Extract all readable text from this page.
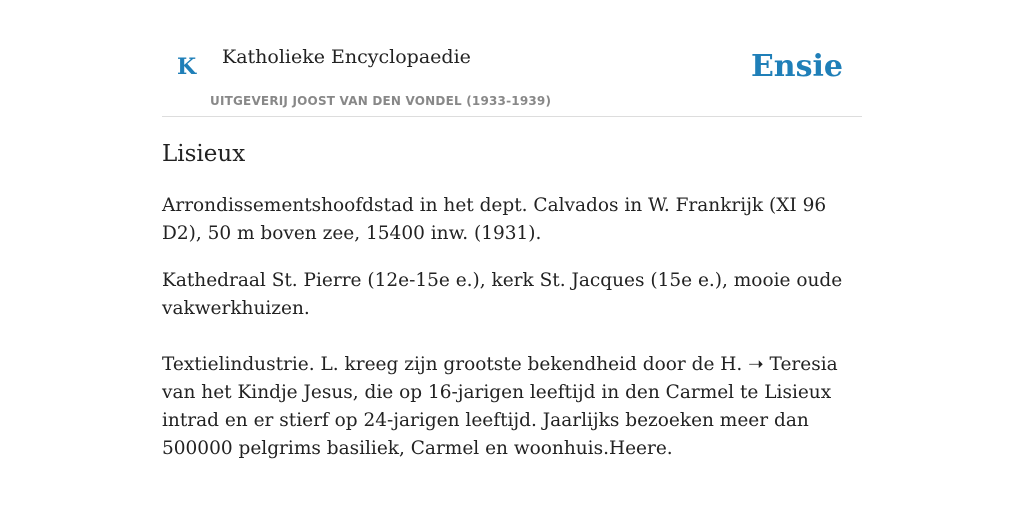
K Katholieke Encyclopaedie
UITGEVERIJ JOOST VAN DEN VONDEL (1933-1939)
Ensie
Lisieux

Arrondissementshoofdstad in het dept. Calvados in W. Frankrijk (XI 96 D2), 50 m boven zee, 15400 inw. (1931).

Kathedraal St. Pierre (12e-15e e.), kerk St. Jacques (15e e.), mooie oude vakwerkhuizen.

Textielindustrie. L. kreeg zijn grootste bekendheid door de H. ➝ Teresia van het Kindje Jesus, die op 16-jarigen leeftijd in den Carmel te Lisieux intrad en er stierf op 24-jarigen leeftijd. Jaarlijks bezoeken meer dan 500000 pelgrims basiliek, Carmel en woonhuis.Heere.
